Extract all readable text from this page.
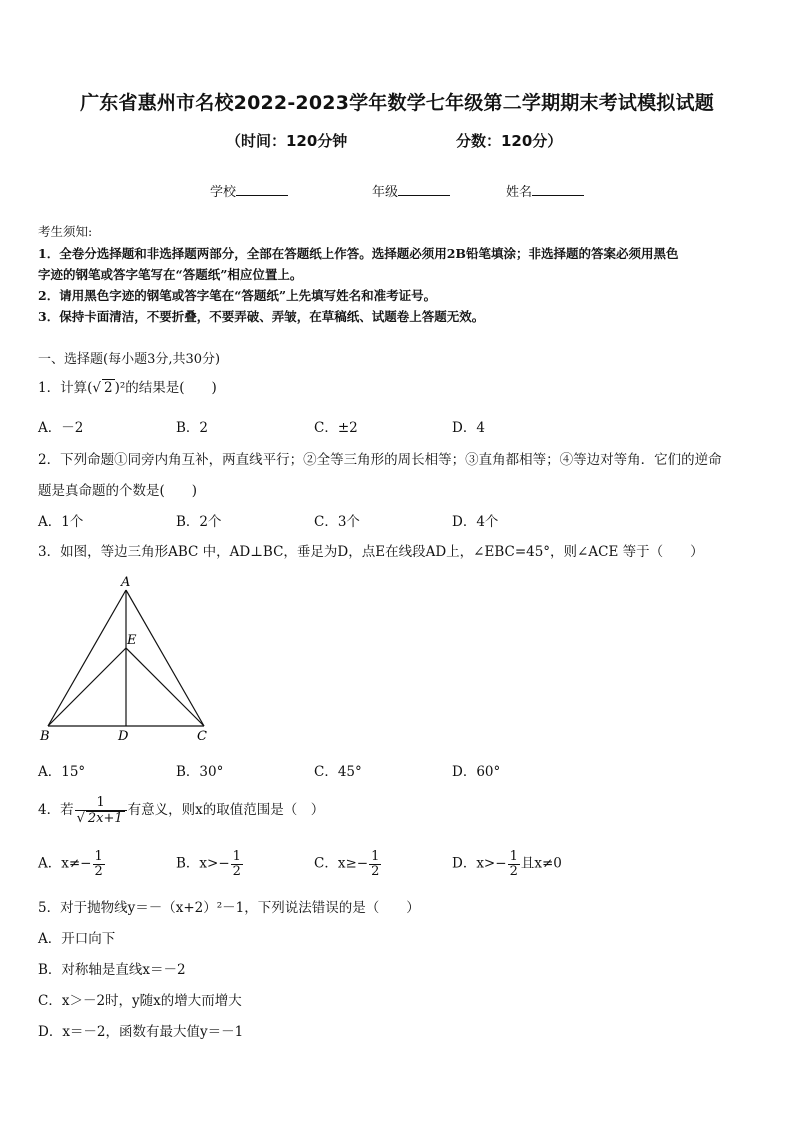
广东省惠州市名校2022-2023学年数学七年级第二学期期末考试模拟试题
（时间：120分钟	分数：120分）
学校	年级	姓名
考生须知:
1．全卷分选择题和非选择题两部分，全部在答题纸上作答。选择题必须用2B铅笔填涂；非选择题的答案必须用黑色
字迹的钢笔或答字笔写在“答题纸”相应位置上。
2．请用黑色字迹的钢笔或答字笔在“答题纸”上先填写姓名和准考证号。
3．保持卡面清洁，不要折叠，不要弄破、弄皱，在草稿纸、试题卷上答题无效。
一、选择题(每小题3分,共30分)
1．计算(√ 2 )²的结果是(　　)
A．－2	B．2	C．±2	D．4
2．下列命题①同旁内角互补，两直线平行；②全等三角形的周长相等；③直角都相等；④等边对等角．它们的逆命
题是真命题的个数是(　　)
A．1个	B．2个	C．3个	D．4个
3．如图，等边三角形ABC 中，AD⊥BC，垂足为D，点E在线段AD上，∠EBC=45°，则∠ACE 等于（　　）
A
E
B	D	C
A．15°	B．30°	C．45°	D．60°
4．若 $\frac{1}{√ 2x+1}$ 有意义，则x的取值范围是（　）
A．$x\ne- \frac{1}{2}$	B．$x>- \frac{1}{2}$	C．$x\ge- \frac{1}{2}$	D．$x>- \frac{1}{2}$ 且x≠0
5．对于抛物线y＝－（x+2）²－1，下列说法错误的是（　　）
A．开口向下
B．对称轴是直线x＝－2
C．x＞－2时，y随x的增大而增大
D．x＝－2，函数有最大值y＝－1
